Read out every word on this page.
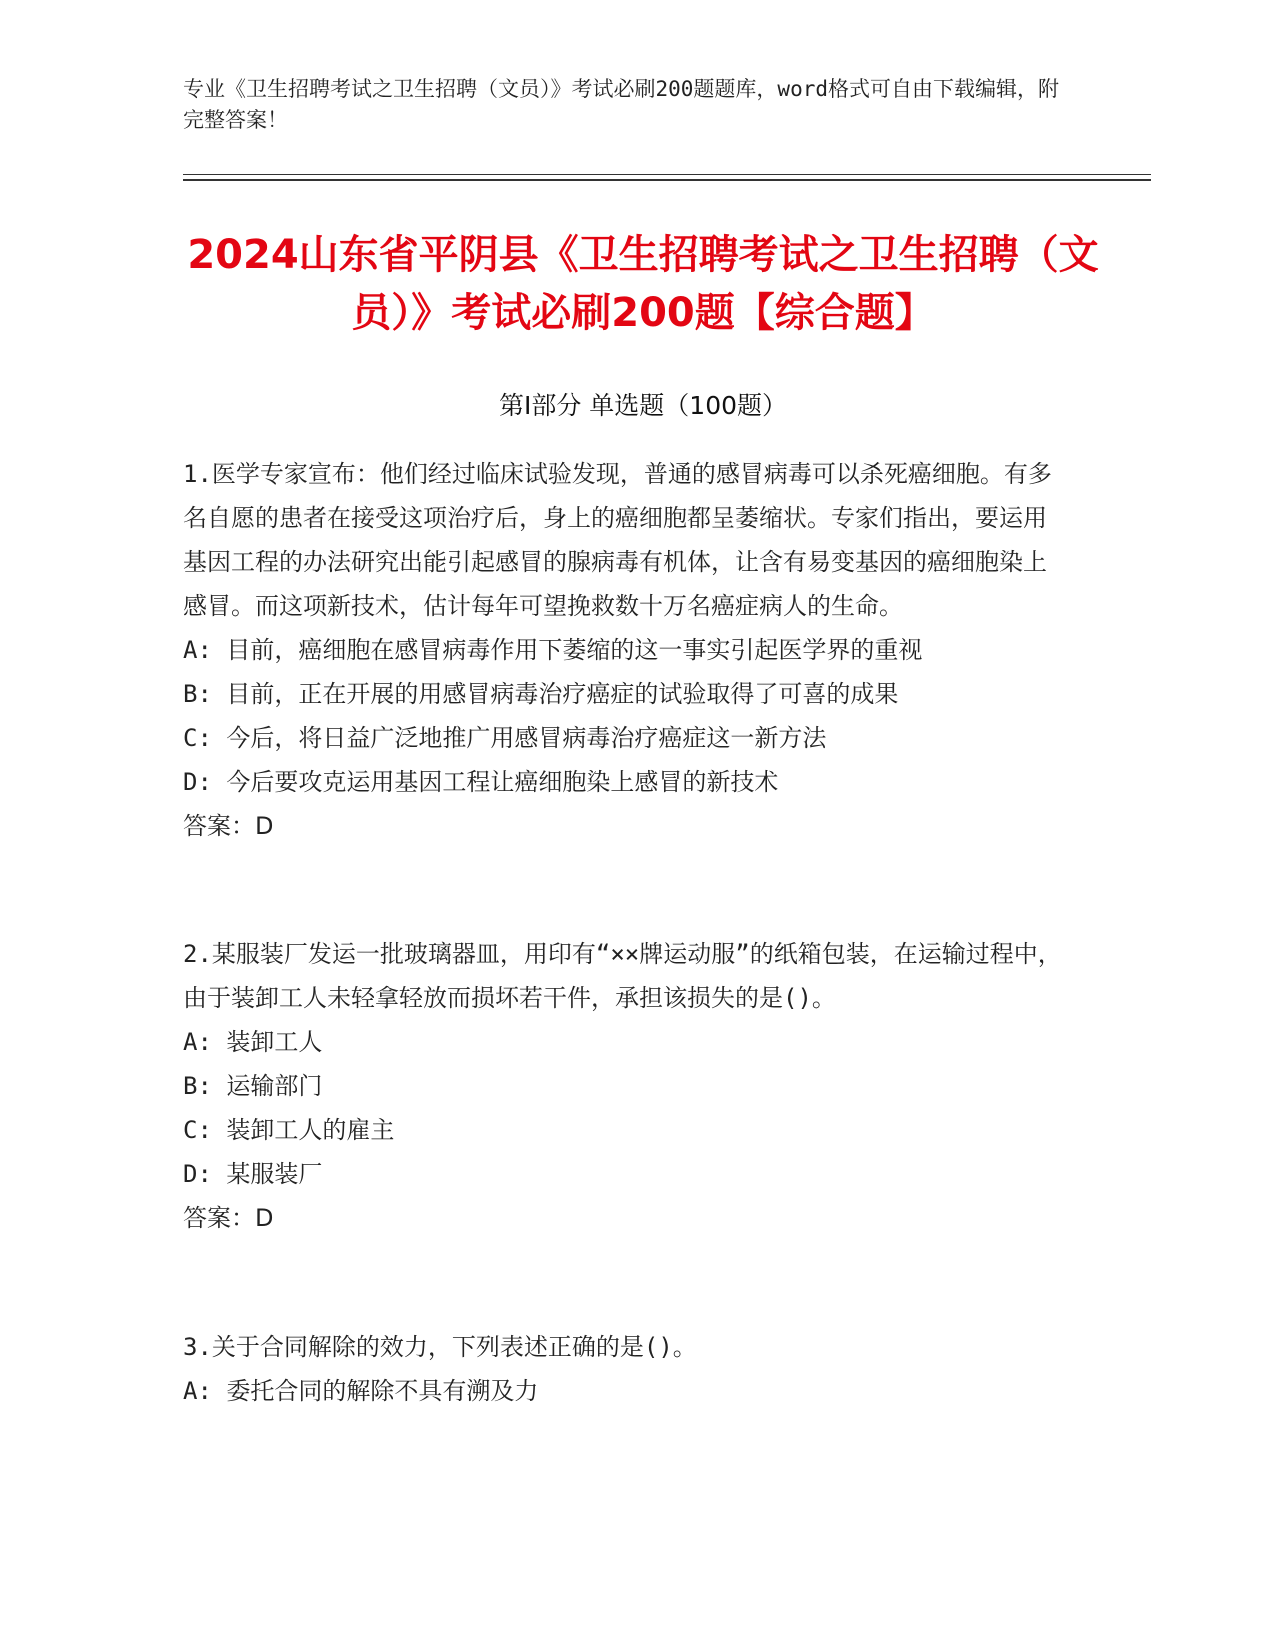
专业《卫生招聘考试之卫生招聘（文员）》考试必刷200题题库，word格式可自由下载编辑，附完整答案！
2024山东省平阴县《卫生招聘考试之卫生招聘（文员）》考试必刷200题【综合题】
第Ⅰ部分 单选题（100题）

1.医学专家宣布：他们经过临床试验发现，普通的感冒病毒可以杀死癌细胞。有多名自愿的患者在接受这项治疗后，身上的癌细胞都呈萎缩状。专家们指出，要运用基因工程的办法研究出能引起感冒的腺病毒有机体，让含有易变基因的癌细胞染上感冒。而这项新技术，估计每年可望挽救数十万名癌症病人的生命。

A: 目前，癌细胞在感冒病毒作用下萎缩的这一事实引起医学界的重视

B: 目前，正在开展的用感冒病毒治疗癌症的试验取得了可喜的成果

C: 今后，将日益广泛地推广用感冒病毒治疗癌症这一新方法

D: 今后要攻克运用基因工程让癌细胞染上感冒的新技术

答案：D

2.某服装厂发运一批玻璃器皿，用印有“××牌运动服”的纸箱包装，在运输过程中，由于装卸工人未轻拿轻放而损坏若干件，承担该损失的是()。

A: 装卸工人

B: 运输部门

C: 装卸工人的雇主

D: 某服装厂

答案：D

3.关于合同解除的效力，下列表述正确的是()。

A: 委托合同的解除不具有溯及力
